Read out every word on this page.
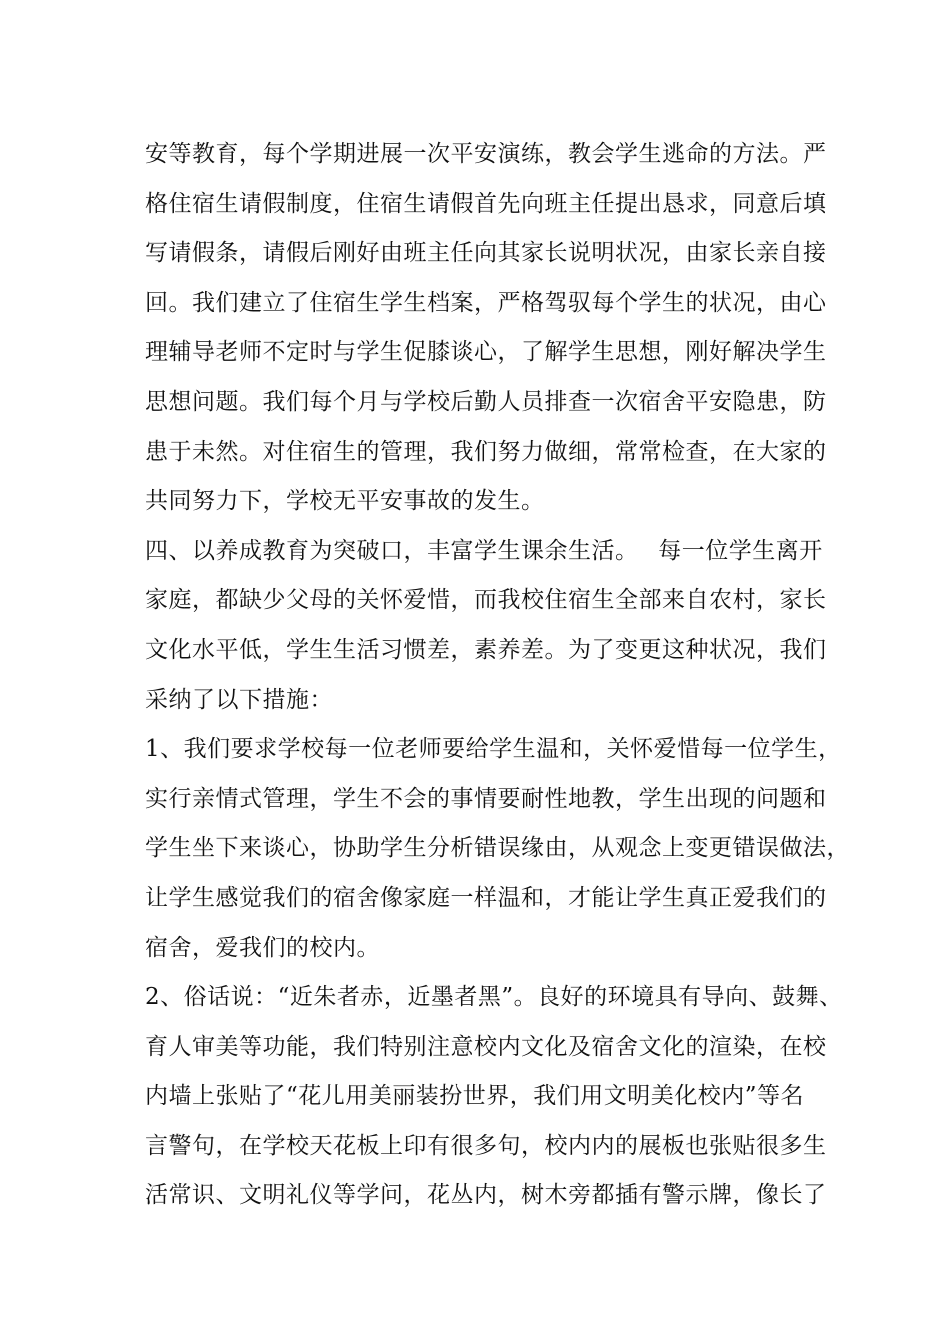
安等教育，每个学期进展一次平安演练，教会学生逃命的方法。严
格住宿生请假制度，住宿生请假首先向班主任提出恳求，同意后填
写请假条，请假后刚好由班主任向其家长说明状况，由家长亲自接
回。我们建立了住宿生学生档案，严格驾驭每个学生的状况，由心
理辅导老师不定时与学生促膝谈心，了解学生思想，刚好解决学生
思想问题。我们每个月与学校后勤人员排查一次宿舍平安隐患，防
患于未然。对住宿生的管理，我们努力做细，常常检查，在大家的
共同努力下，学校无平安事故的发生。
四、以养成教育为突破口，丰富学生课余生活。　 每一位学生离开
家庭，都缺少父母的关怀爱惜，而我校住宿生全部来自农村，家长
文化水平低，学生生活习惯差，素养差。为了变更这种状况，我们
采纳了以下措施：
1、我们要求学校每一位老师要给学生温和，关怀爱惜每一位学生，
实行亲情式管理，学生不会的事情要耐性地教，学生出现的问题和
学生坐下来谈心，协助学生分析错误缘由，从观念上变更错误做法，
让学生感觉我们的宿舍像家庭一样温和，才能让学生真正爱我们的
宿舍，爱我们的校内。
2、俗话说：“近朱者赤，近墨者黑”。良好的环境具有导向、鼓舞、
育人审美等功能，我们特别注意校内文化及宿舍文化的渲染，在校
内墙上张贴了“花儿用美丽装扮世界，我们用文明美化校内”等名
言警句，在学校天花板上印有很多句，校内内的展板也张贴很多生
活常识、文明礼仪等学问，花丛内，树木旁都插有警示牌，像长了
